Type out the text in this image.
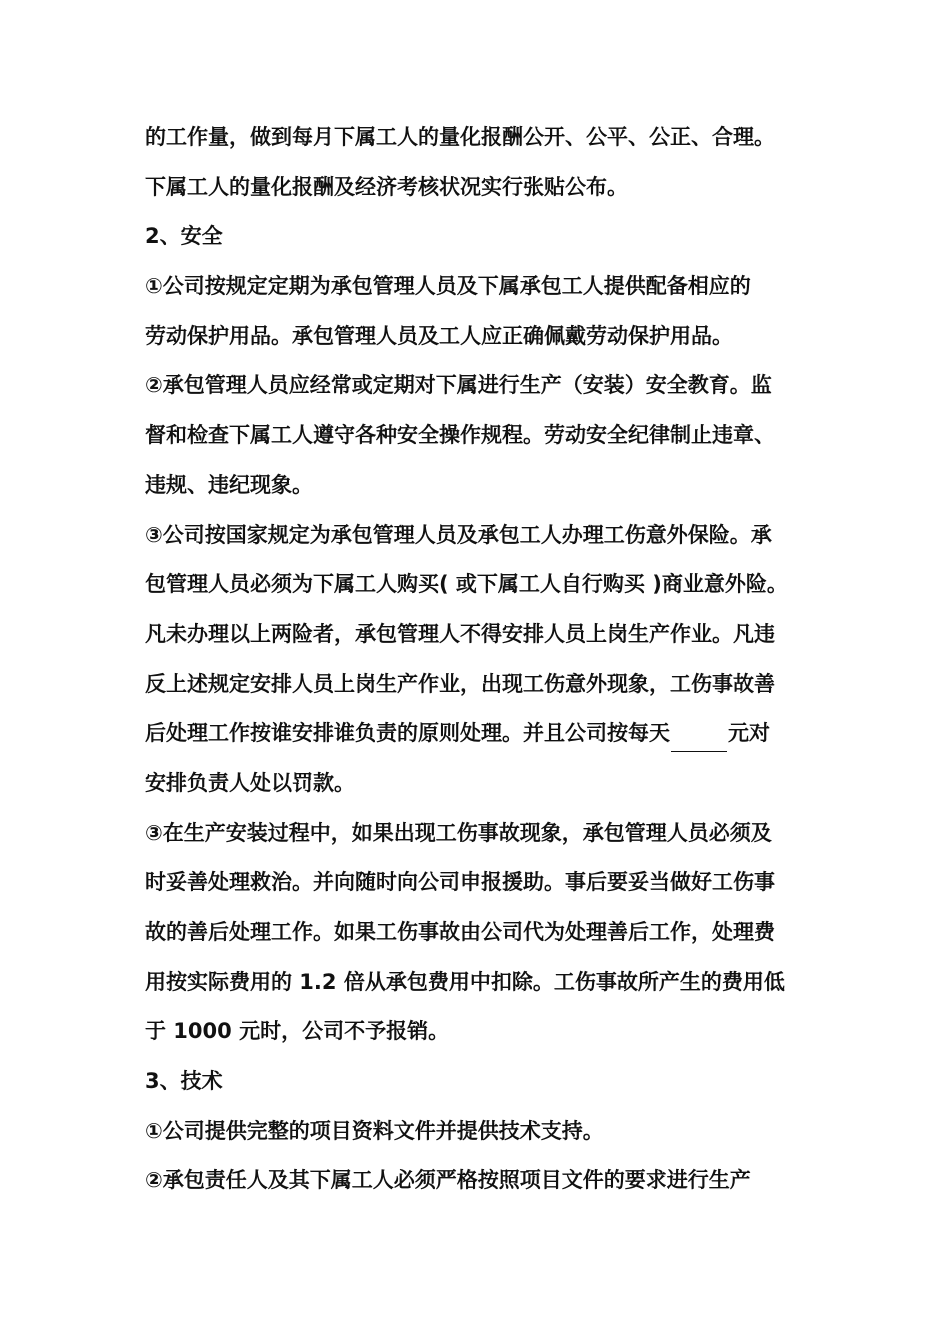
的工作量，做到每月下属工人的量化报酬公开、公平、公正、合理。
下属工人的量化报酬及经济考核状况实行张贴公布。
2、安全
①公司按规定定期为承包管理人员及下属承包工人提供配备相应的
劳动保护用品。承包管理人员及工人应正确佩戴劳动保护用品。
②承包管理人员应经常或定期对下属进行生产（安装）安全教育。监
督和检查下属工人遵守各种安全操作规程。劳动安全纪律制止违章、
违规、违纪现象。
③公司按国家规定为承包管理人员及承包工人办理工伤意外保险。承
包管理人员必须为下属工人购买( 或下属工人自行购买 )商业意外险。
凡未办理以上两险者，承包管理人不得安排人员上岗生产作业。凡违
反上述规定安排人员上岗生产作业，出现工伤意外现象，工伤事故善
后处理工作按谁安排谁负责的原则处理。并且公司按每天	元对
安排负责人处以罚款。
③在生产安装过程中，如果出现工伤事故现象，承包管理人员必须及
时妥善处理救治。并向随时向公司申报援助。事后要妥当做好工伤事
故的善后处理工作。如果工伤事故由公司代为处理善后工作，处理费
用按实际费用的 1.2 倍从承包费用中扣除。工伤事故所产生的费用低
于 1000 元时，公司不予报销。
3、技术
①公司提供完整的项目资料文件并提供技术支持。
②承包责任人及其下属工人必须严格按照项目文件的要求进行生产
